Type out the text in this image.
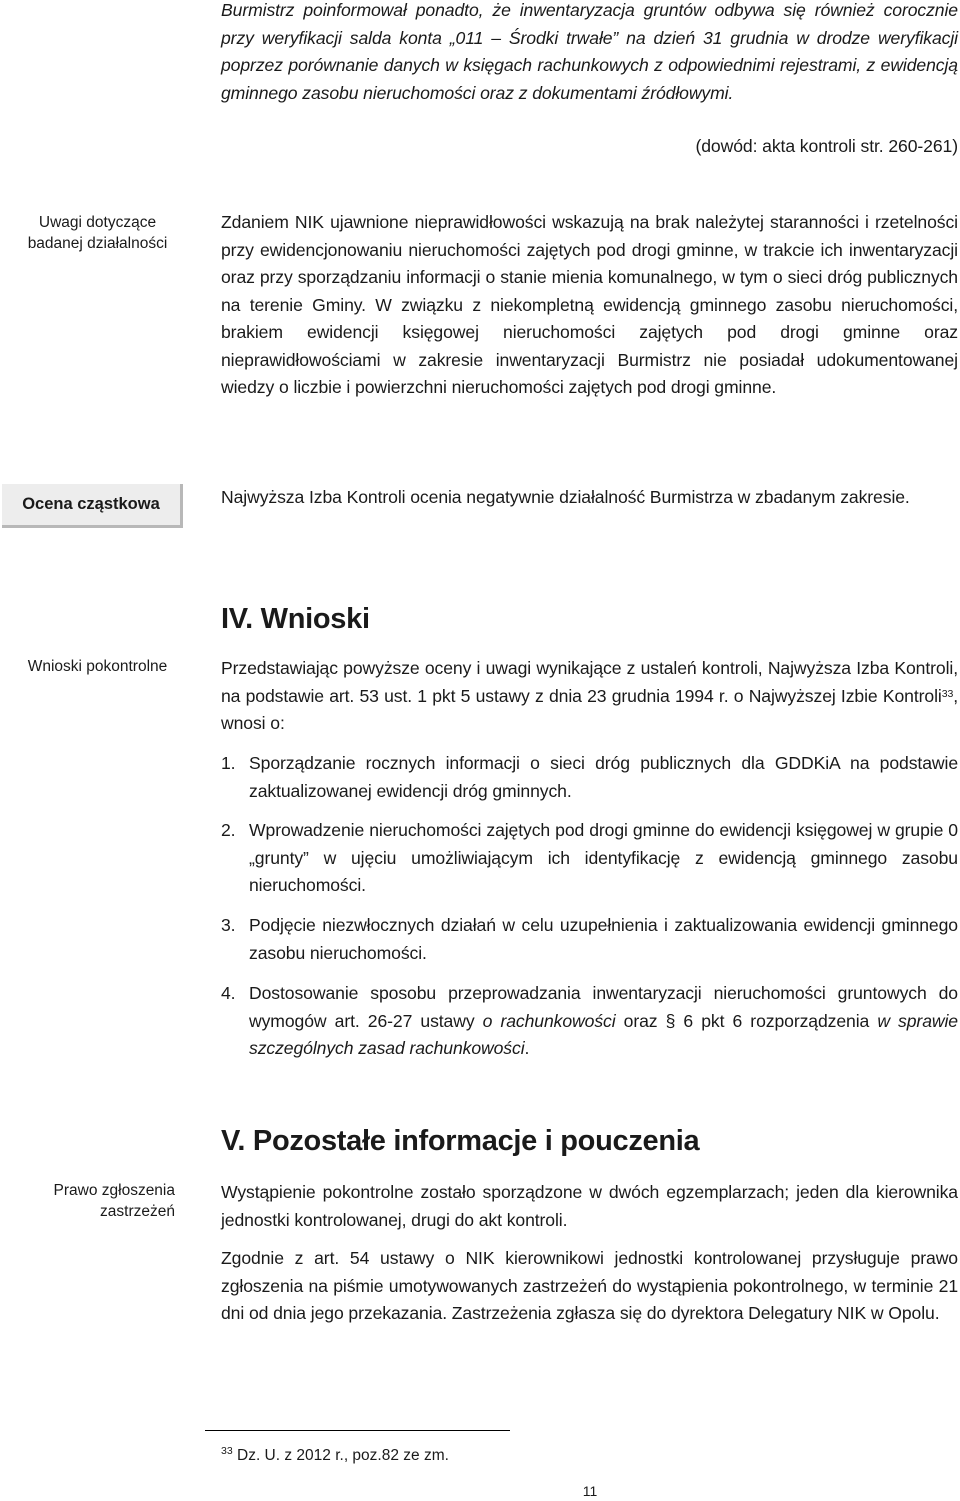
Burmistrz poinformował ponadto, że inwentaryzacja gruntów odbywa się również corocznie przy weryfikacji salda konta „011 – Środki trwałe” na dzień 31 grudnia w drodze weryfikacji poprzez porównanie danych w księgach rachunkowych z odpowiednimi rejestrami, z ewidencją gminnego zasobu nieruchomości oraz z dokumentami źródłowymi.
(dowód: akta kontroli str. 260-261)
Uwagi dotyczące badanej działalności
Zdaniem NIK ujawnione nieprawidłowości wskazują na brak należytej staranności i rzetelności przy ewidencjonowaniu nieruchomości zajętych pod drogi gminne, w trakcie ich inwentaryzacji oraz przy sporządzaniu informacji o stanie mienia komunalnego, w tym o sieci dróg publicznych na terenie Gminy. W związku z niekompletną ewidencją gminnego zasobu nieruchomości, brakiem ewidencji księgowej nieruchomości zajętych pod drogi gminne oraz nieprawidłowościami w zakresie inwentaryzacji Burmistrz nie posiadał udokumentowanej wiedzy o liczbie i powierzchni nieruchomości zajętych pod drogi gminne.
Ocena cząstkowa	Najwyższa Izba Kontroli ocenia negatywnie działalność Burmistrza w zbadanym zakresie.
IV. Wnioski
Wnioski pokontrolne	Przedstawiając powyższe oceny i uwagi wynikające z ustaleń kontroli, Najwyższa Izba Kontroli, na podstawie art. 53 ust. 1 pkt 5 ustawy z dnia 23 grudnia 1994 r. o Najwyższej Izbie Kontroli$^{33}$, wnosi o:
1. Sporządzanie rocznych informacji o sieci dróg publicznych dla GDDKiA na podstawie zaktualizowanej ewidencji dróg gminnych.
2. Wprowadzenie nieruchomości zajętych pod drogi gminne do ewidencji księgowej w grupie 0 „grunty” w ujęciu umożliwiającym ich identyfikację z ewidencją gminnego zasobu nieruchomości.
3. Podjęcie niezwłocznych działań w celu uzupełnienia i zaktualizowania ewidencji gminnego zasobu nieruchomości.
4. Dostosowanie sposobu przeprowadzania inwentaryzacji nieruchomości gruntowych do wymogów art. 26-27 ustawy o rachunkowości oraz § 6 pkt 6 rozporządzenia w sprawie szczególnych zasad rachunkowości.
V. Pozostałe informacje i pouczenia
Prawo zgłoszenia zastrzeżeń
Wystąpienie pokontrolne zostało sporządzone w dwóch egzemplarzach; jeden dla kierownika jednostki kontrolowanej, drugi do akt kontroli.
Zgodnie z art. 54 ustawy o NIK kierownikowi jednostki kontrolowanej przysługuje prawo zgłoszenia na piśmie umotywowanych zastrzeżeń do wystąpienia pokontrolnego, w terminie 21 dni od dnia jego przekazania. Zastrzeżenia zgłasza się do dyrektora Delegatury NIK w Opolu.
$^{33}$ Dz. U. z 2012 r., poz.82 ze zm.
11
